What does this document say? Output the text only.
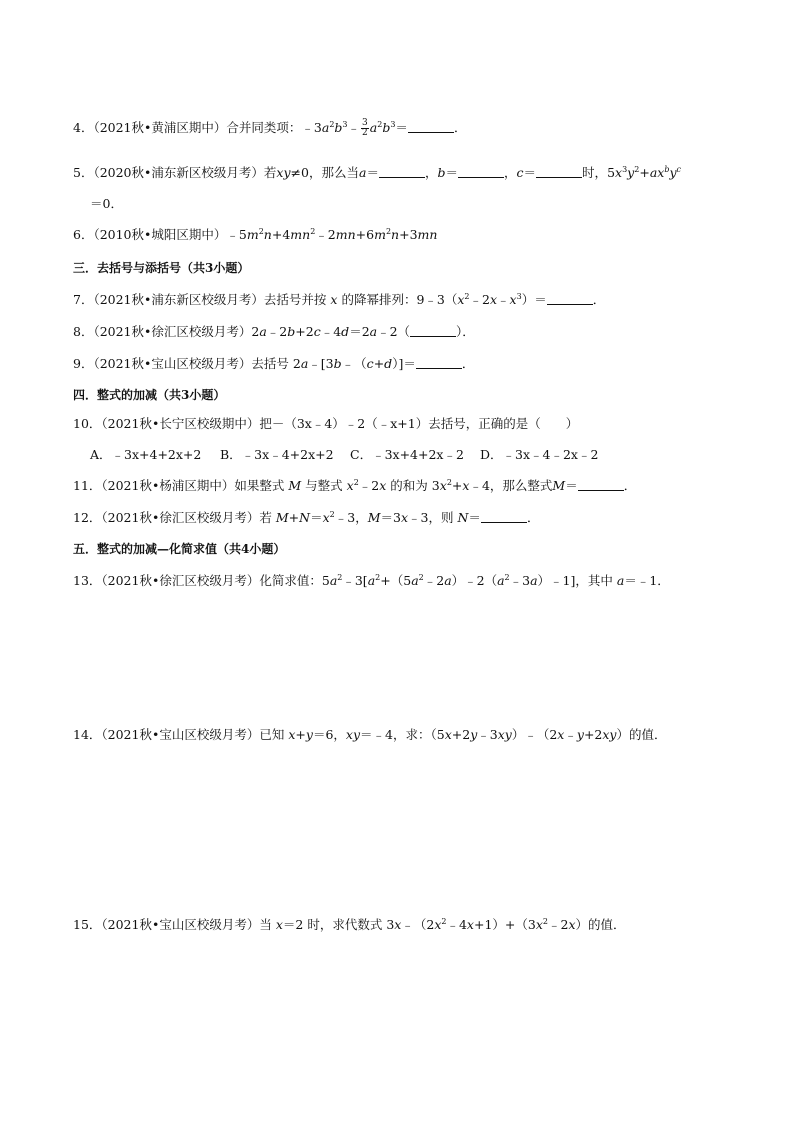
4．（2021秋•黄浦区期中）合并同类项：$﹣3a^2b^3﹣ \frac{3}{2} a^2b^3=$	．
5．（2020秋•浦东新区校级月考）若xy≠0，那么当a＝	，b＝	，c＝	时，$5x^3y^2+ax^by^c$
＝0．
6．（2010秋•城阳区期中）$﹣5m^2n+4mn^2﹣2mn+6m^2n+3mn$
三．去括号与添括号（共3小题）
7．（2021秋•浦东新区校级月考）去括号并按 x 的降幂排列：$9﹣3(x^2﹣2x﹣x^3)=$	．
8．（2021秋•徐汇区校级月考）2a﹣2b+2c﹣4d＝2a﹣2（	）．
9．（2021秋•宝山区校级月考）去括号 2a﹣[3b﹣（c+d）]＝	．
四．整式的加减（共3小题）
10．（2021秋•长宁区校级期中）把－（3x﹣4）﹣2（﹣x+1）去括号，正确的是（　　）
A．﹣3x+4+2x+2 B．﹣3x﹣4+2x+2 C．﹣3x+4+2x﹣2 D．﹣3x﹣4﹣2x﹣2
11．（2021秋•杨浦区期中）如果整式 M 与整式 $x^2﹣2x$ 的和为 $3x^2+x﹣4$，那么整式M＝	．
12．（2021秋•徐汇区校级月考）若 $M+N=x^2﹣3$，M＝3x﹣3，则 N＝	．
五．整式的加减—化简求值（共4小题）
13．（2021秋•徐汇区校级月考）化简求值：$5a^2﹣3[a^2+(5a^2﹣2a)﹣2(a^2﹣3a)﹣1]$，其中 a＝﹣1．
14．（2021秋•宝山区校级月考）已知 x+y＝6，xy＝﹣4，求：（5x+2y﹣3xy）﹣（2x﹣y+2xy）的值．
15．（2021秋•宝山区校级月考）当 x＝2 时，求代数式 $3x﹣(2x^2﹣4x+1)+(3x^2﹣2x)$的值．
